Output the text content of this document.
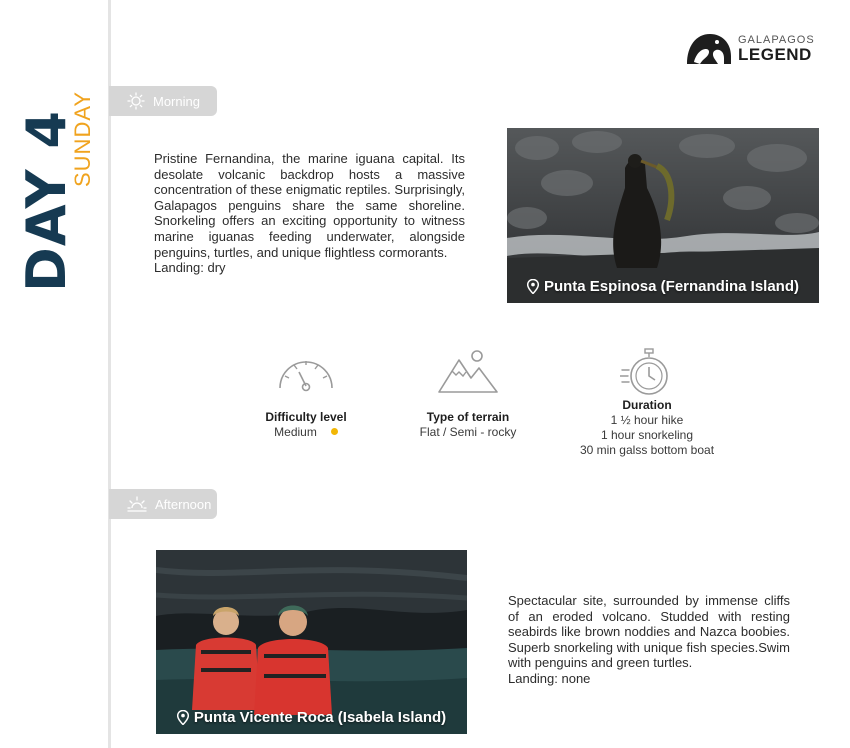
DAY 4
SUNDAY
GALAPAGOS
LEGEND
Morning
Pristine Fernandina, the marine iguana capital. Its desolate volcanic backdrop hosts a massive concentration of these enigmatic reptiles. Surprisingly, Galapagos penguins share the same shoreline. Snorkeling offers an exciting opportunity to witness marine iguanas feeding underwater, alongside penguins, turtles, and unique flightless cormorants.
Landing: dry
Punta Espinosa (Fernandina Island)
Difficulty level
Medium
Type of terrain
Flat / Semi - rocky
Duration
1 ½ hour hike
1 hour snorkeling
30 min galss bottom boat
Afternoon
Punta Vicente Roca (Isabela Island)
Spectacular site, surrounded by immense cliffs of an eroded volcano. Studded with resting seabirds like brown noddies and Nazca boobies. Superb snorkeling with unique fish species.Swim with penguins and green turtles.
Landing: none
